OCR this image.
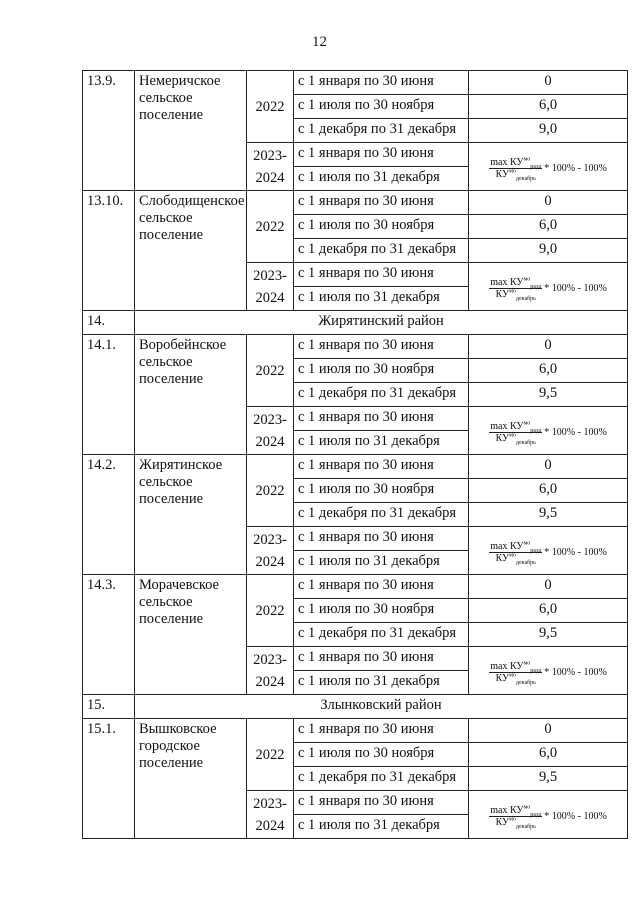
12
13.9.	Немеричское сельское поселение	2022	с 1 января по 30 июня	0
			с 1 июля по 30 ноября	6,0
			с 1 декабря по 31 декабря	9,0
		2023-2024	с 1 января по 30 июня	$\frac{\max КУ^{мо}_{разд}}{КУ^{мо}_{декабрь}} * 100\% - 100\%$

			с 1 июля по 31 декабря	
13.10.	Слободищенское сельское поселение	2022	с 1 января по 30 июня	0
			с 1 июля по 30 ноября	6,0
			с 1 декабря по 31 декабря	9,0
		2023-2024	с 1 января по 30 июня	$\frac{\max КУ^{мо}_{разд}}{КУ^{мо}_{декабрь}} * 100\% - 100\%$

			с 1 июля по 31 декабря	
14.	Жирятинский район			
14.1.	Воробейнское сельское поселение	2022	с 1 января по 30 июня	0
			с 1 июля по 30 ноября	6,0
			с 1 декабря по 31 декабря	9,5
		2023-2024	с 1 января по 30 июня	$\frac{\max КУ^{мо}_{разд}}{КУ^{мо}_{декабрь}} * 100\% - 100\%$

			с 1 июля по 31 декабря	
14.2.	Жирятинское сельское поселение	2022	с 1 января по 30 июня	0
			с 1 июля по 30 ноября	6,0
			с 1 декабря по 31 декабря	9,5
		2023-2024	с 1 января по 30 июня	$\frac{\max КУ^{мо}_{разд}}{КУ^{мо}_{декабрь}} * 100\% - 100\%$

			с 1 июля по 31 декабря	
14.3.	Морачевское сельское поселение	2022	с 1 января по 30 июня	0
			с 1 июля по 30 ноября	6,0
			с 1 декабря по 31 декабря	9,5
		2023-2024	с 1 января по 30 июня	$\frac{\max КУ^{мо}_{разд}}{КУ^{мо}_{декабрь}} * 100\% - 100\%$

			с 1 июля по 31 декабря	
15.	Злынковский район			
15.1.	Вышковское городское поселение	2022	с 1 января по 30 июня	0
			с 1 июля по 30 ноября	6,0
			с 1 декабря по 31 декабря	9,5
		2023-2024	с 1 января по 30 июня	$\frac{\max КУ^{мо}_{разд}}{КУ^{мо}_{декабрь}} * 100\% - 100\%$

			с 1 июля по 31 декабря	
